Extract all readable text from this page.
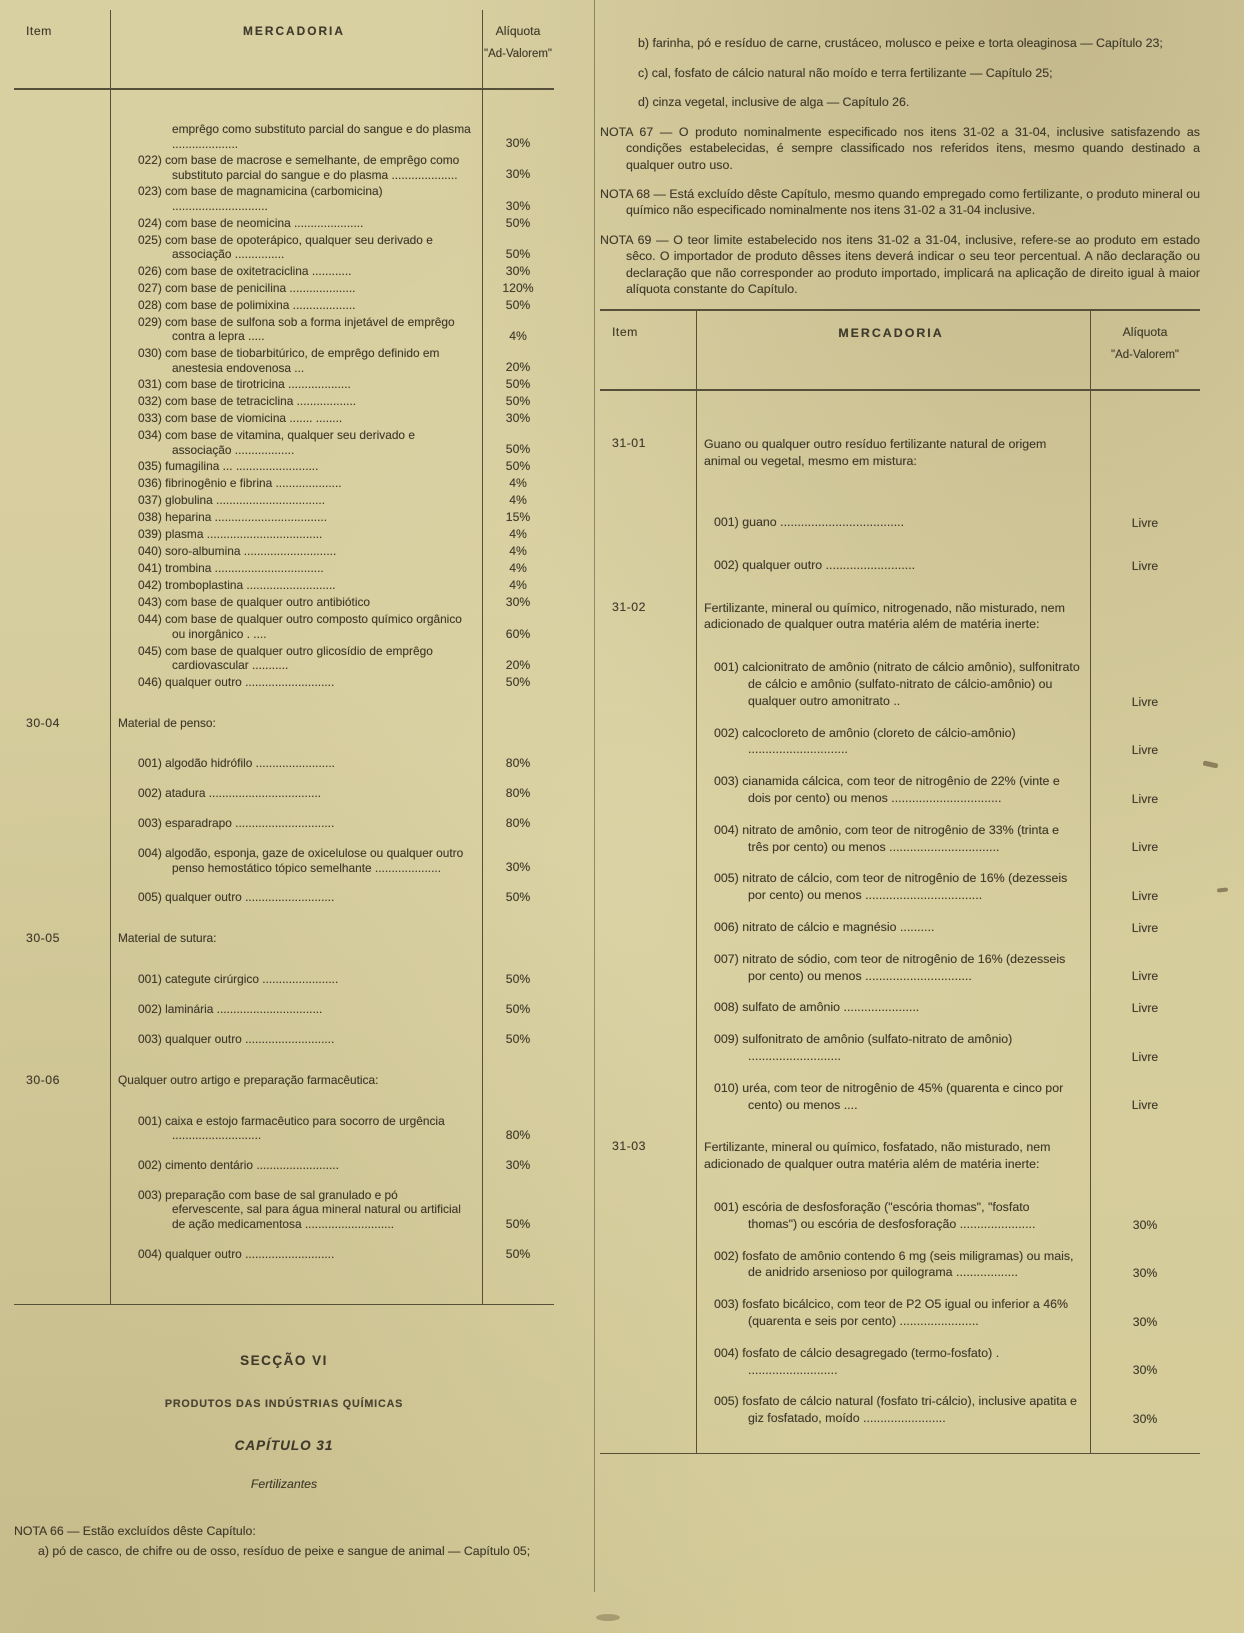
Item	MERCADORIA	Alíquota
"Ad-Valorem"
emprêgo como substituto parcial do sangue e do plasma ....................	30%
022) com base de macrose e semelhante, de emprêgo como substituto parcial do sangue e do plasma ....................	30%
023) com base de magnamicina (carbomicina) .............................	30%
024) com base de neomicina .....................	50%
025) com base de opoterápico, qualquer seu derivado e associação ...............	50%
026) com base de oxitetraciclina ............	30%
027) com base de penicilina ....................	120%
028) com base de polimixina ...................	50%
029) com base de sulfona sob a forma injetável de emprêgo contra a lepra .....	4%
030) com base de tiobarbitúrico, de emprêgo definido em anestesia endovenosa ...	20%
031) com base de tirotricina ...................	50%
032) com base de tetraciclina ..................	50%
033) com base de viomicina ....... ........	30%
034) com base de vitamina, qualquer seu derivado e associação ..................	50%
035) fumagilina ... .........................	50%
036) fibrinogênio e fibrina ....................	4%
037) globulina .................................	4%
038) heparina ..................................	15%
039) plasma ...................................	4%
040) soro-albumina ............................	4%
041) trombina .................................	4%
042) tromboplastina ...........................	4%
043) com base de qualquer outro antibiótico	30%
044) com base de qualquer outro composto químico orgânico ou inorgânico . ....	60%
045) com base de qualquer outro glicosídio de emprêgo cardiovascular ...........	20%
046) qualquer outro ...........................	50%
30-04	Material de penso:
001) algodão hidrófilo ........................	80%
002) atadura ..................................	80%
003) esparadrapo ..............................	80%
004) algodão, esponja, gaze de oxicelulose ou qualquer outro penso hemostático tópico semelhante ....................	30%
005) qualquer outro ...........................	50%
30-05	Material de sutura:
001) categute cirúrgico .......................	50%
002) laminária ................................	50%
003) qualquer outro ...........................	50%
30-06	Qualquer outro artigo e preparação farmacêutica:
001) caixa e estojo farmacêutico para socorro de urgência ...........................	80%
002) cimento dentário .........................	30%
003) preparação com base de sal granulado e pó efervescente, sal para água mineral natural ou artificial de ação medicamentosa ...........................	50%
004) qualquer outro ...........................	50%
SECÇÃO VI
PRODUTOS DAS INDÚSTRIAS QUÍMICAS
CAPÍTULO 31
Fertilizantes

NOTA 66 — Estão excluídos dêste Capítulo:

a) pó de casco, de chifre ou de osso, resíduo de peixe e sangue de animal — Capítulo 05;

b) farinha, pó e resíduo de carne, crustáceo, molusco e peixe e torta oleaginosa — Capítulo 23;

c) cal, fosfato de cálcio natural não moído e terra fertilizante — Capítulo 25;

d) cinza vegetal, inclusive de alga — Capítulo 26.

NOTA 67 — O produto nominalmente especificado nos itens 31-02 a 31-04, inclusive satisfazendo as condições estabelecidas, é sempre classificado nos referidos itens, mesmo quando destinado a qualquer outro uso.

NOTA 68 — Está excluído dêste Capítulo, mesmo quando empregado como fertilizante, o produto mineral ou químico não especificado nominalmente nos itens 31-02 a 31-04 inclusive.

NOTA 69 — O teor limite estabelecido nos itens 31-02 a 31-04, inclusive, refere-se ao produto em estado sêco. O importador de produto dêsses itens deverá indicar o seu teor percentual. A não declaração ou declaração que não corresponder ao produto importado, implicará na aplicação de direito igual à maior alíquota constante do Capítulo.

Item	MERCADORIA	Alíquota
"Ad-Valorem"
31-01	Guano ou qualquer outro resíduo fertilizante natural de origem animal ou vegetal, mesmo em mistura:
001) guano ....................................	Livre
002) qualquer outro ..........................	Livre
31-02	Fertilizante, mineral ou químico, nitrogenado, não misturado, nem adicionado de qualquer outra matéria além de matéria inerte:
001) calcionitrato de amônio (nitrato de cálcio amônio), sulfonitrato de cálcio e amônio (sulfato-nitrato de cálcio-amônio) ou qualquer outro amonitrato ..	Livre
002) calcocloreto de amônio (cloreto de cálcio-amônio) .............................	Livre
003) cianamida cálcica, com teor de nitrogênio de 22% (vinte e dois por cento) ou menos ................................	Livre
004) nitrato de amônio, com teor de nitrogênio de 33% (trinta e três por cento) ou menos ................................	Livre
005) nitrato de cálcio, com teor de nitrogênio de 16% (dezesseis por cento) ou menos ..................................	Livre
006) nitrato de cálcio e magnésio ..........	Livre
007) nitrato de sódio, com teor de nitrogênio de 16% (dezesseis por cento) ou menos ...............................	Livre
008) sulfato de amônio ......................	Livre
009) sulfonitrato de amônio (sulfato-nitrato de amônio) ...........................	Livre
010) uréa, com teor de nitrogênio de 45% (quarenta e cinco por cento) ou menos ....	Livre
31-03	Fertilizante, mineral ou químico, fosfatado, não misturado, nem adicionado de qualquer outra matéria além de matéria inerte:
001) escória de desfosforação ("escória thomas", "fosfato thomas") ou escória de desfosforação ......................	30%
002) fosfato de amônio contendo 6 mg (seis miligramas) ou mais, de anidrido arsenioso por quilograma ..................	30%
003) fosfato bicálcico, com teor de P2 O5 igual ou inferior a 46% (quarenta e seis por cento) .......................	30%
004) fosfato de cálcio desagregado (termo-fosfato) . ..........................	30%
005) fosfato de cálcio natural (fosfato tri-cálcio), inclusive apatita e giz fosfatado, moído ........................	30%
